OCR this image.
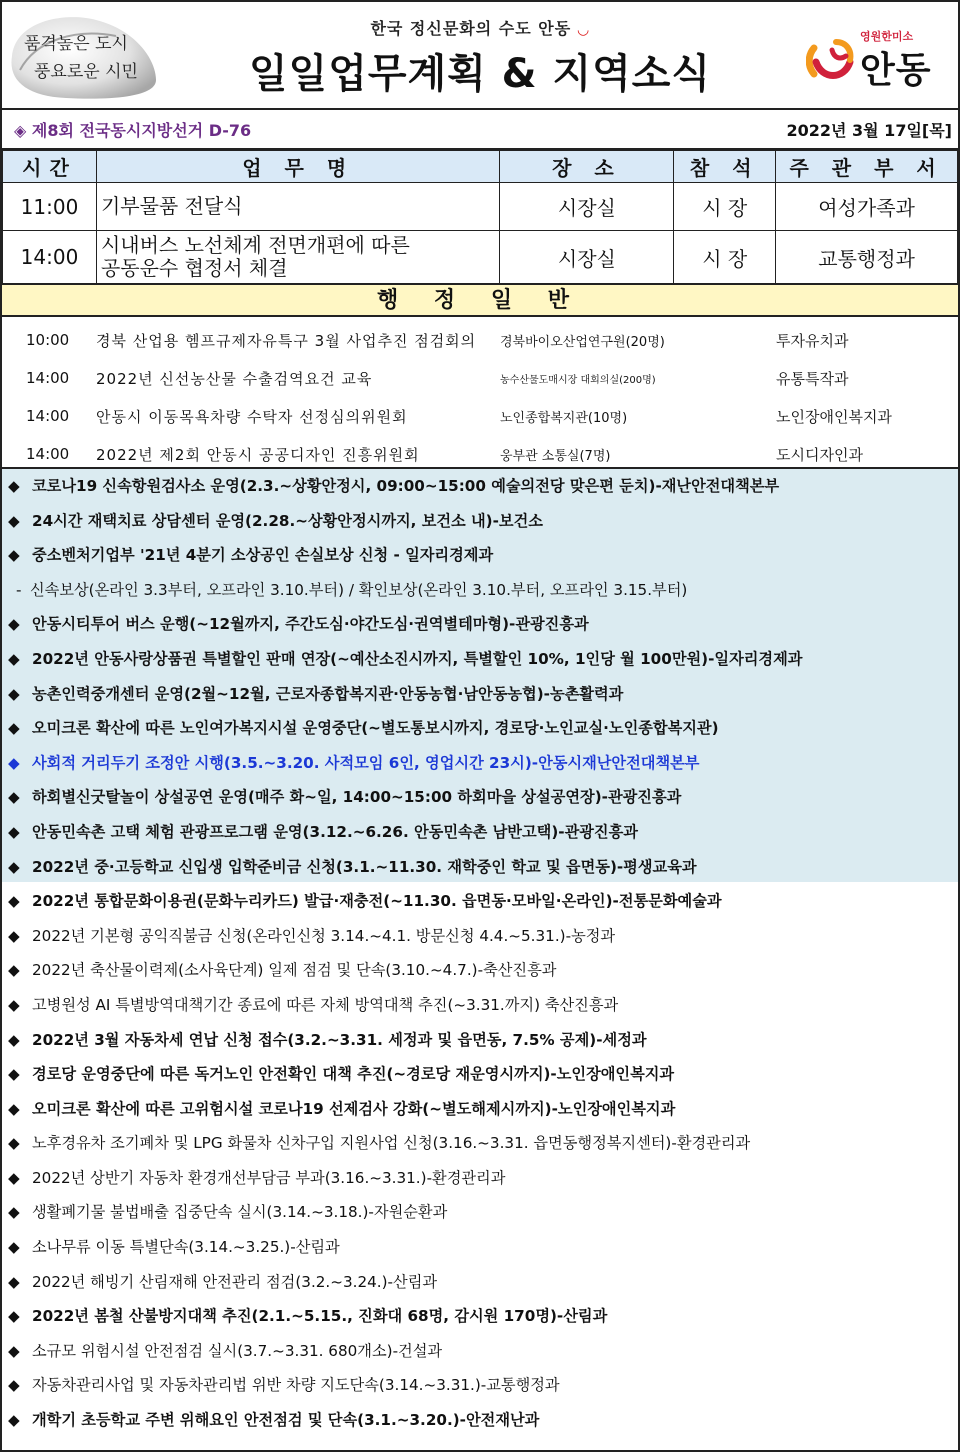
품격높은 도시
풍요로운 시민
한국 정신문화의 수도 안동 ◡
일일업무계획 & 지역소식
영원한미소
안동
◈ 제8회 전국동시지방선거 D-76	2022년 3월 17일[목]
시간	업 무 명	장 소	참 석	주 관 부 서
11:00	기부물품 전달식	시장실	시 장	여성가족과
14:00	시내버스 노선체계 전면개편에 따른
공동운수 협정서 체결	시장실	시 장	교통행정과
행 정 일 반
10:00	경북 산업용 헴프규제자유특구 3월 사업추진 점검회의	경북바이오산업연구원(20명)	투자유치과
14:00	2022년 신선농산물 수출검역요건 교육	농수산물도매시장 대회의실(200명)	유통특작과
14:00	안동시 이동목욕차량 수탁자 선정심의위원회	노인종합복지관(10명)	노인장애인복지과
14:00	2022년 제2회 안동시 공공디자인 진흥위원회	웅부관 소통실(7명)	도시디자인과
◆ 코로나19 신속항원검사소 운영(2.3.~상황안정시, 09:00~15:00 예술의전당 맞은편 둔치)-재난안전대책본부
◆ 24시간 재택치료 상담센터 운영(2.28.~상황안정시까지, 보건소 내)-보건소
◆ 중소벤처기업부 '21년 4분기 소상공인 손실보상 신청 - 일자리경제과
- 신속보상(온라인 3.3부터, 오프라인 3.10.부터) / 확인보상(온라인 3.10.부터, 오프라인 3.15.부터)
◆ 안동시티투어 버스 운행(~12월까지, 주간도심·야간도심·권역별테마형)-관광진흥과
◆ 2022년 안동사랑상품권 특별할인 판매 연장(~예산소진시까지, 특별할인 10%, 1인당 월 100만원)-일자리경제과
◆ 농촌인력중개센터 운영(2월~12월, 근로자종합복지관·안동농협·남안동농협)-농촌활력과
◆ 오미크론 확산에 따른 노인여가복지시설 운영중단(~별도통보시까지, 경로당·노인교실·노인종합복지관)
◆ 사회적 거리두기 조정안 시행(3.5.~3.20. 사적모임 6인, 영업시간 23시)-안동시재난안전대책본부
◆ 하회별신굿탈놀이 상설공연 운영(매주 화~일, 14:00~15:00 하회마을 상설공연장)-관광진흥과
◆ 안동민속촌 고택 체험 관광프로그램 운영(3.12.~6.26. 안동민속촌 남반고택)-관광진흥과
◆ 2022년 중·고등학교 신입생 입학준비금 신청(3.1.~11.30. 재학중인 학교 및 읍면동)-평생교육과
◆ 2022년 통합문화이용권(문화누리카드) 발급·재충전(~11.30. 읍면동·모바일·온라인)-전통문화예술과
◆ 2022년 기본형 공익직불금 신청(온라인신청 3.14.~4.1. 방문신청 4.4.~5.31.)-농정과
◆ 2022년 축산물이력제(소사육단계) 일제 점검 및 단속(3.10.~4.7.)-축산진흥과
◆ 고병원성 AI 특별방역대책기간 종료에 따른 자체 방역대책 추진(~3.31.까지) 축산진흥과
◆ 2022년 3월 자동차세 연납 신청 접수(3.2.~3.31. 세정과 및 읍면동, 7.5% 공제)-세정과
◆ 경로당 운영중단에 따른 독거노인 안전확인 대책 추진(~경로당 재운영시까지)-노인장애인복지과
◆ 오미크론 확산에 따른 고위험시설 코로나19 선제검사 강화(~별도해제시까지)-노인장애인복지과
◆ 노후경유차 조기폐차 및 LPG 화물차 신차구입 지원사업 신청(3.16.~3.31. 읍면동행정복지센터)-환경관리과
◆ 2022년 상반기 자동차 환경개선부담금 부과(3.16.~3.31.)-환경관리과
◆ 생활폐기물 불법배출 집중단속 실시(3.14.~3.18.)-자원순환과
◆ 소나무류 이동 특별단속(3.14.~3.25.)-산림과
◆ 2022년 해빙기 산림재해 안전관리 점검(3.2.~3.24.)-산림과
◆ 2022년 봄철 산불방지대책 추진(2.1.~5.15., 진화대 68명, 감시원 170명)-산림과
◆ 소규모 위험시설 안전점검 실시(3.7.~3.31. 680개소)-건설과
◆ 자동차관리사업 및 자동차관리법 위반 차량 지도단속(3.14.~3.31.)-교통행정과
◆ 개학기 초등학교 주변 위해요인 안전점검 및 단속(3.1.~3.20.)-안전재난과
